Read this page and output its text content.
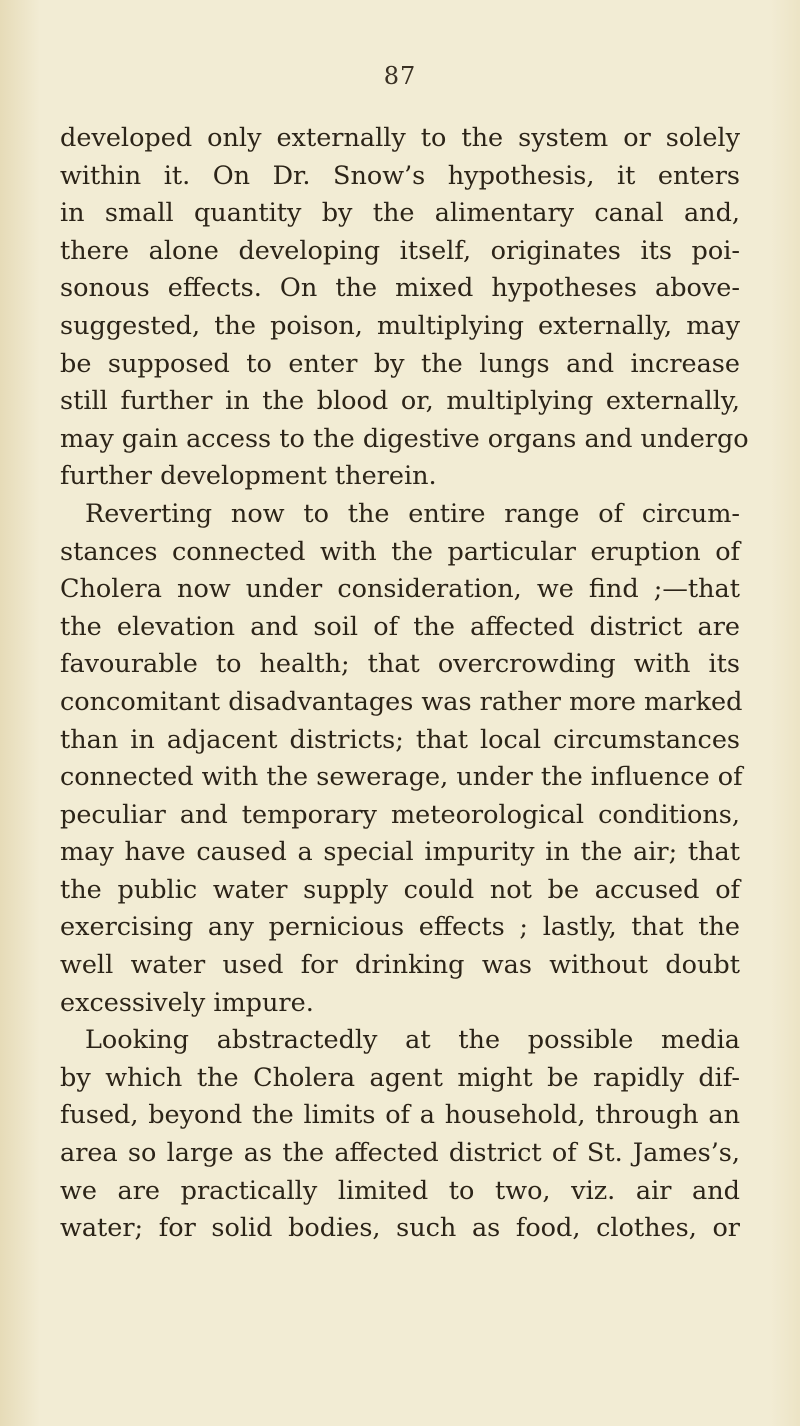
87
developed only externally to the system or solely
within it. On Dr. Snow’s hypothesis, it enters
in small quantity by the alimentary canal and,
there alone developing itself, originates its poi-
sonous effects. On the mixed hypotheses above-
suggested, the poison, multiplying externally, may
be supposed to enter by the lungs and increase
still further in the blood or, multiplying externally,
may gain access to the digestive organs and undergo
further development therein.
Reverting now to the entire range of circum-
stances connected with the particular eruption of
Cholera now under consideration, we find ;—that
the elevation and soil of the affected district are
favourable to health; that overcrowding with its
concomitant disadvantages was rather more marked
than in adjacent districts; that local circumstances
connected with the sewerage, under the influence of
peculiar and temporary meteorological conditions,
may have caused a special impurity in the air; that
the public water supply could not be accused of
exercising any pernicious effects ; lastly, that the
well water used for drinking was without doubt
excessively impure.
Looking abstractedly at the possible media
by which the Cholera agent might be rapidly dif-
fused, beyond the limits of a household, through an
area so large as the affected district of St. James’s,
we are practically limited to two, viz. air and
water; for solid bodies, such as food, clothes, or
